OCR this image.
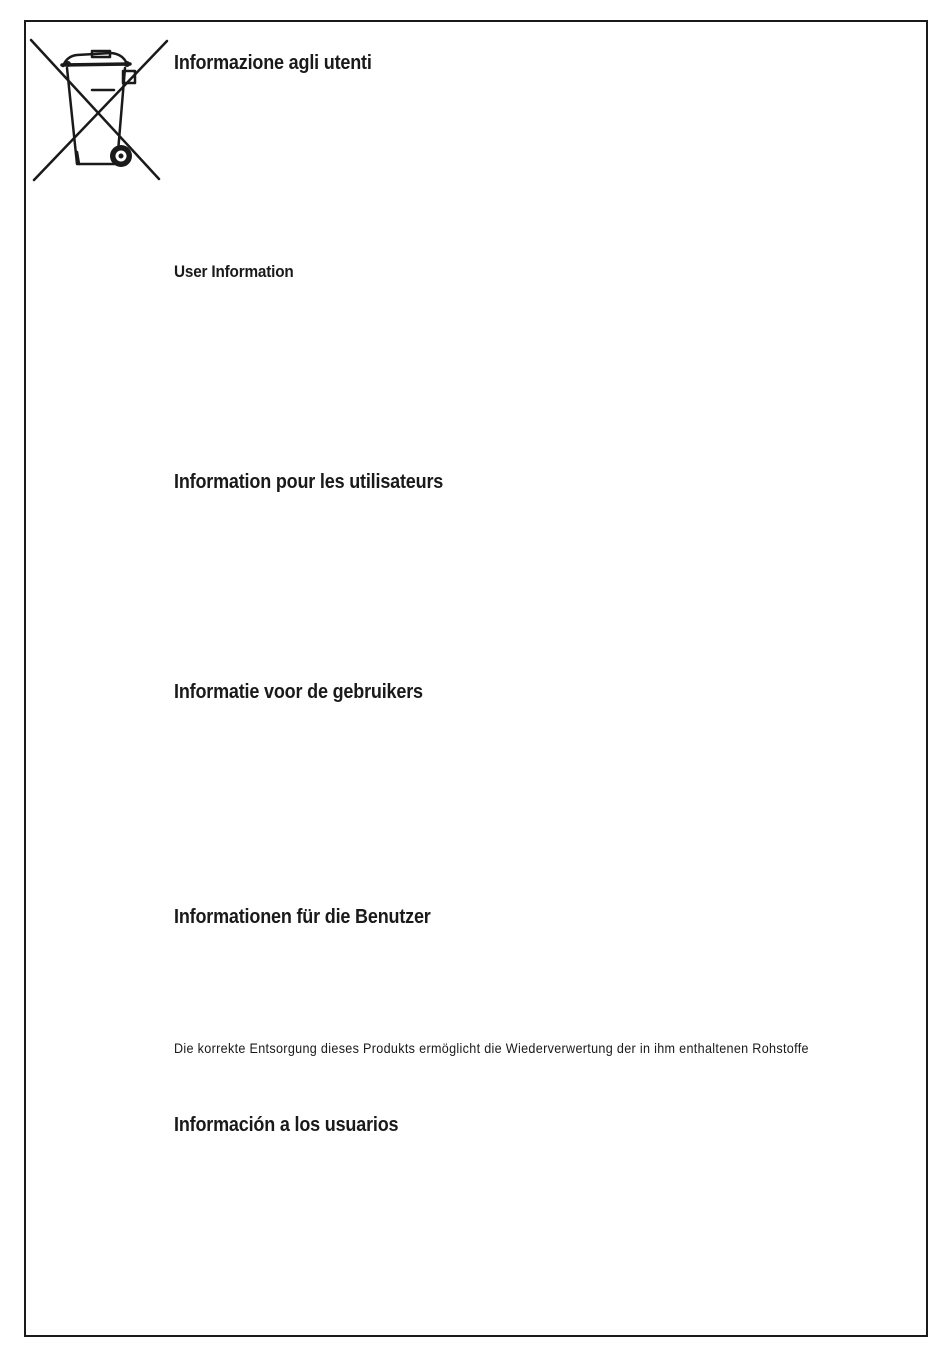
Informazione agli utenti
User Information
Information pour les utilisateurs
Informatie voor de gebruikers
Informationen für die Benutzer

Die korrekte Entsorgung dieses Produkts ermöglicht die Wiederverwertung der in ihm enthaltenen Rohstoffe

Información a los usuarios
